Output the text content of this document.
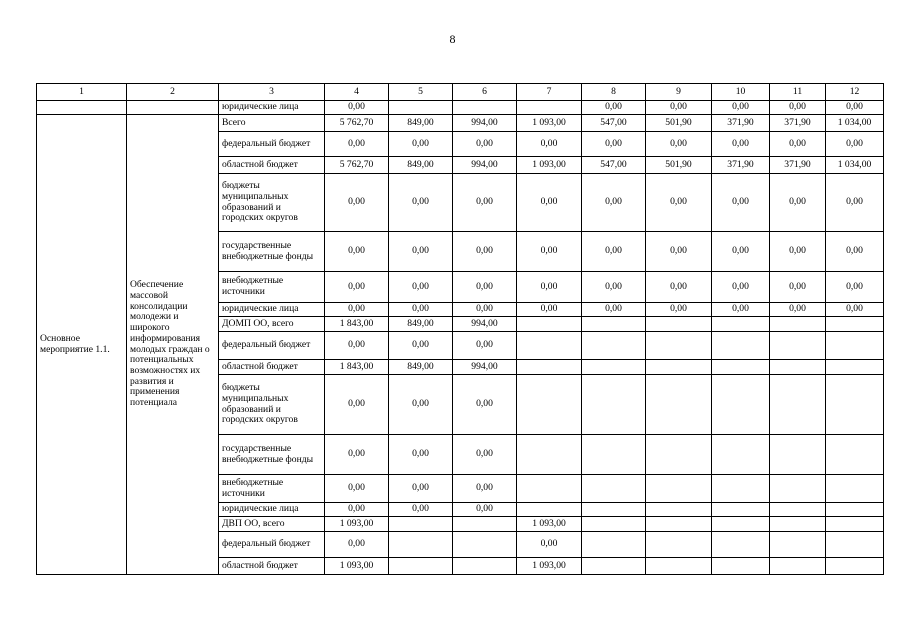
8
1	2	3	4	5	6	7	8	9	10	11	12
		юридические лица	0,00				0,00	0,00	0,00	0,00	0,00
Основное мероприятие 1.1.	Обеспечение массовой консолидации молодежи и широкого информирования молодых граждан о потенциальных возможностях их развития и применения потенциала	Всего	5 762,70	849,00	994,00	1 093,00	547,00	501,90	371,90	371,90	1 034,00
		федеральный бюджет	0,00	0,00	0,00	0,00	0,00	0,00	0,00	0,00	0,00
		областной бюджет	5 762,70	849,00	994,00	1 093,00	547,00	501,90	371,90	371,90	1 034,00
		бюджеты муниципальных образований и городских округов	0,00	0,00	0,00	0,00	0,00	0,00	0,00	0,00	0,00
		государственные внебюджетные фонды	0,00	0,00	0,00	0,00	0,00	0,00	0,00	0,00	0,00
		внебюджетные источники	0,00	0,00	0,00	0,00	0,00	0,00	0,00	0,00	0,00
		юридические лица	0,00	0,00	0,00	0,00	0,00	0,00	0,00	0,00	0,00
		ДОМП ОО, всего	1 843,00	849,00	994,00						
		федеральный бюджет	0,00	0,00	0,00						
		областной бюджет	1 843,00	849,00	994,00						
		бюджеты муниципальных образований и городских округов	0,00	0,00	0,00						
		государственные внебюджетные фонды	0,00	0,00	0,00						
		внебюджетные источники	0,00	0,00	0,00						
		юридические лица	0,00	0,00	0,00						
		ДВП ОО, всего	1 093,00			1 093,00					
		федеральный бюджет	0,00			0,00					
		областной бюджет	1 093,00			1 093,00					
